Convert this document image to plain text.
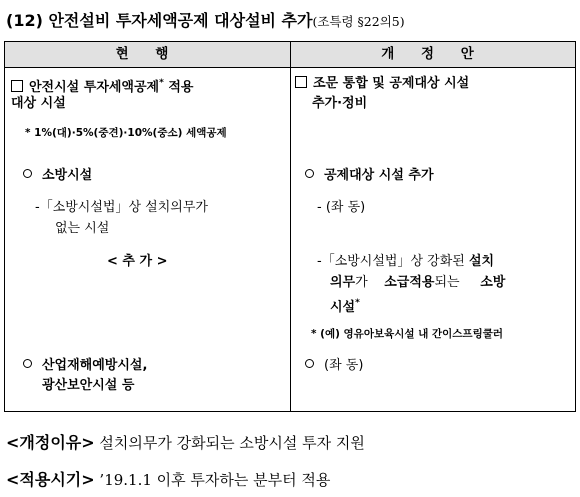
(12) 안전설비 투자세액공제 대상설비 추가(조특령 §22의5)
현 행	개 정 안
안전시설 투자세액공제* 적용
대상 시설
* 1%(대)·5%(중견)·10%(중소) 세액공제
소방시설
-「소방시설법」상 설치의무가
없는 시설
< 추 가 >
산업재해예방시설,
광산보안시설 등
조문 통합 및 공제대상 시설
추가·정비
공제대상 시설 추가
- (좌 동)
-「소방시설법」상 강화된 설치
의무가 소급적용되는 소방
시설*
* (예) 영유아보육시설 내 간이스프링쿨러
(좌 동)
<개정이유> 설치의무가 강화되는 소방시설 투자 지원
<적용시기> ’19.1.1 이후 투자하는 분부터 적용
